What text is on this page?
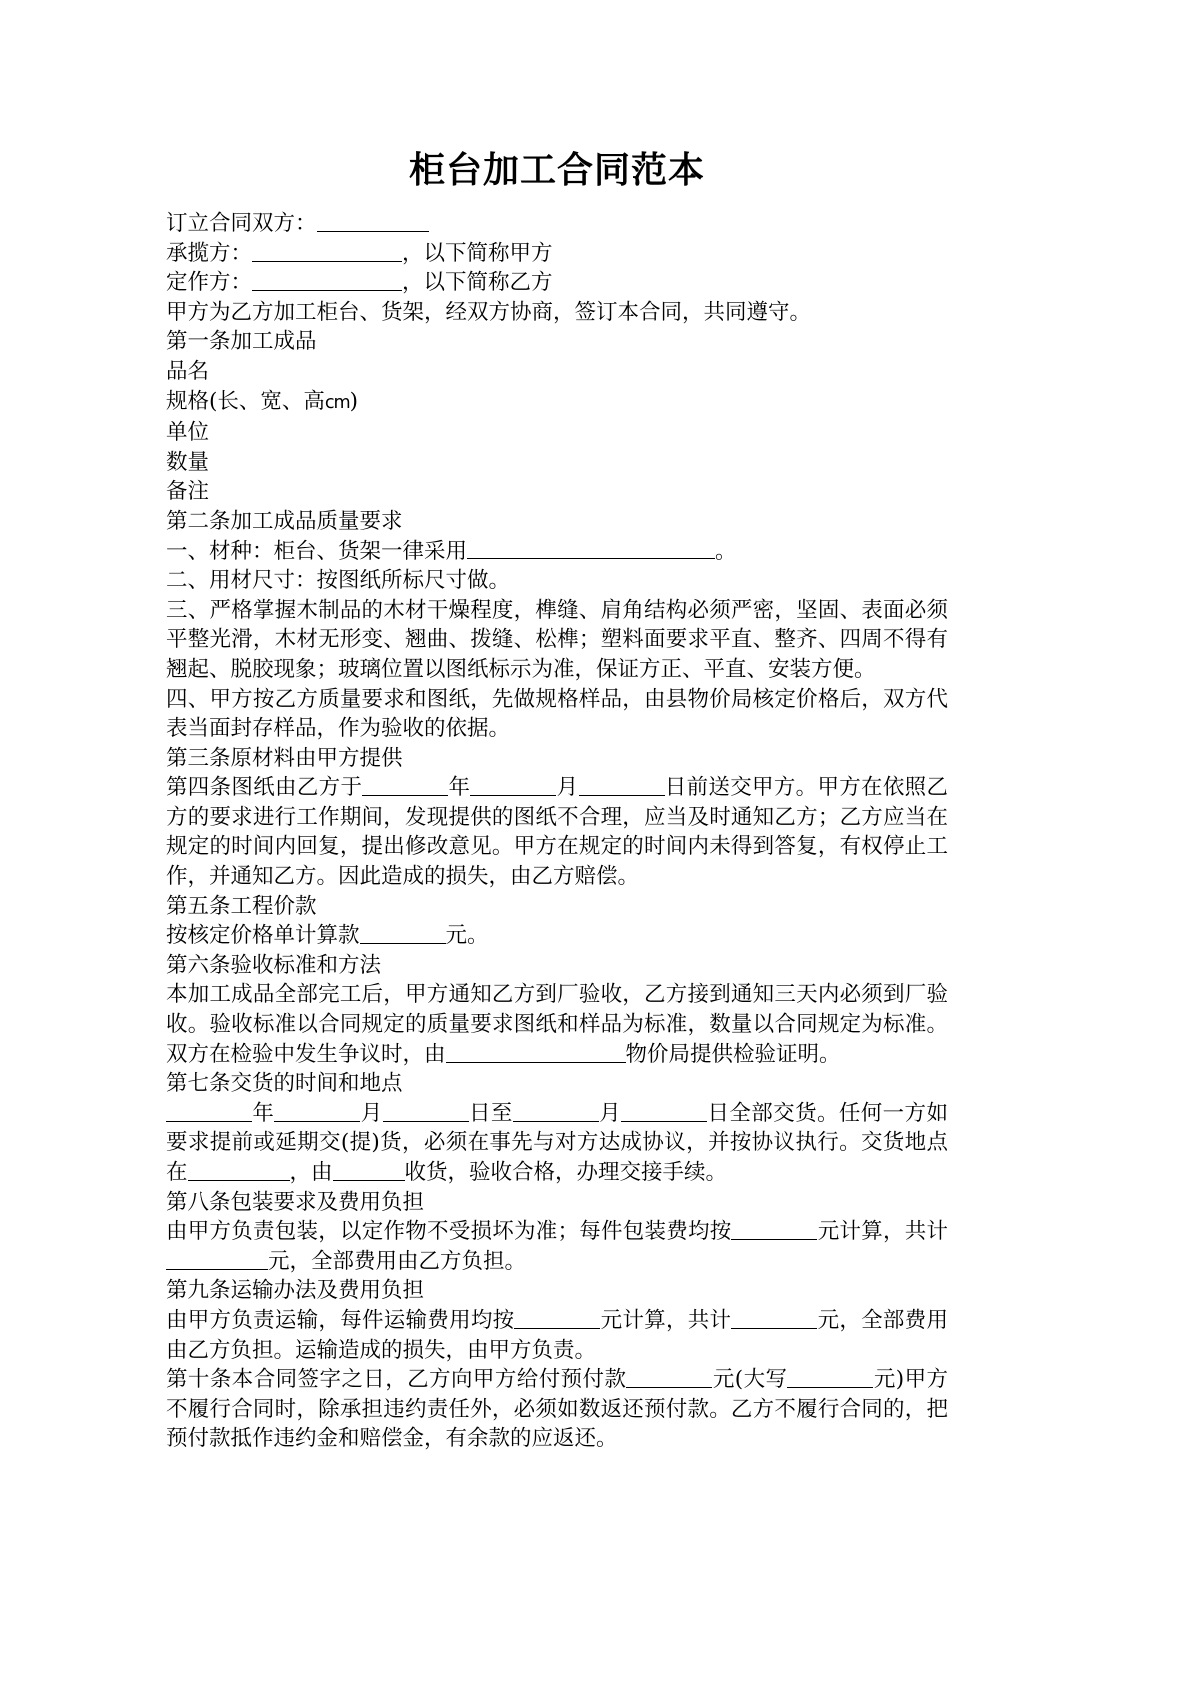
柜台加工合同范本

订立合同双方：

承揽方：	，以下简称甲方

定作方：	，以下简称乙方

甲方为乙方加工柜台、货架，经双方协商，签订本合同，共同遵守。

第一条加工成品

品名

规格(长、宽、高cm)

单位

数量

备注

第二条加工成品质量要求

一、材种：柜台、货架一律采用	。

二、用材尺寸：按图纸所标尺寸做。

三、严格掌握木制品的木材干燥程度，榫缝、肩角结构必须严密，坚固、表面必须平整光滑，木材无形变、翘曲、拨缝、松榫；塑料面要求平直、整齐、四周不得有翘起、脱胶现象；玻璃位置以图纸标示为准，保证方正、平直、安装方便。

四、甲方按乙方质量要求和图纸，先做规格样品，由县物价局核定价格后，双方代表当面封存样品，作为验收的依据。

第三条原材料由甲方提供

第四条图纸由乙方于	年	月	日前送交甲方。甲方在依照乙方的要求进行工作期间，发现提供的图纸不合理，应当及时通知乙方；乙方应当在规定的时间内回复，提出修改意见。甲方在规定的时间内未得到答复，有权停止工作，并通知乙方。因此造成的损失，由乙方赔偿。

第五条工程价款

按核定价格单计算款	元。

第六条验收标准和方法

本加工成品全部完工后，甲方通知乙方到厂验收，乙方接到通知三天内必须到厂验收。验收标准以合同规定的质量要求图纸和样品为标准，数量以合同规定为标准。双方在检验中发生争议时，由	物价局提供检验证明。

第七条交货的时间和地点

年	月	日至	月	日全部交货。任何一方如要求提前或延期交(提)货，必须在事先与对方达成协议，并按协议执行。交货地点在	，由	收货，验收合格，办理交接手续。

第八条包装要求及费用负担

由甲方负责包装，以定作物不受损坏为准；每件包装费均按	元计算，共计  元，全部费用由乙方负担。

第九条运输办法及费用负担

由甲方负责运输，每件运输费用均按	元计算，共计	元，全部费用由乙方负担。运输造成的损失，由甲方负责。

第十条本合同签字之日，乙方向甲方给付预付款	元(大写	元)甲方不履行合同时，除承担违约责任外，必须如数返还预付款。乙方不履行合同的，把预付款抵作违约金和赔偿金，有余款的应返还。
